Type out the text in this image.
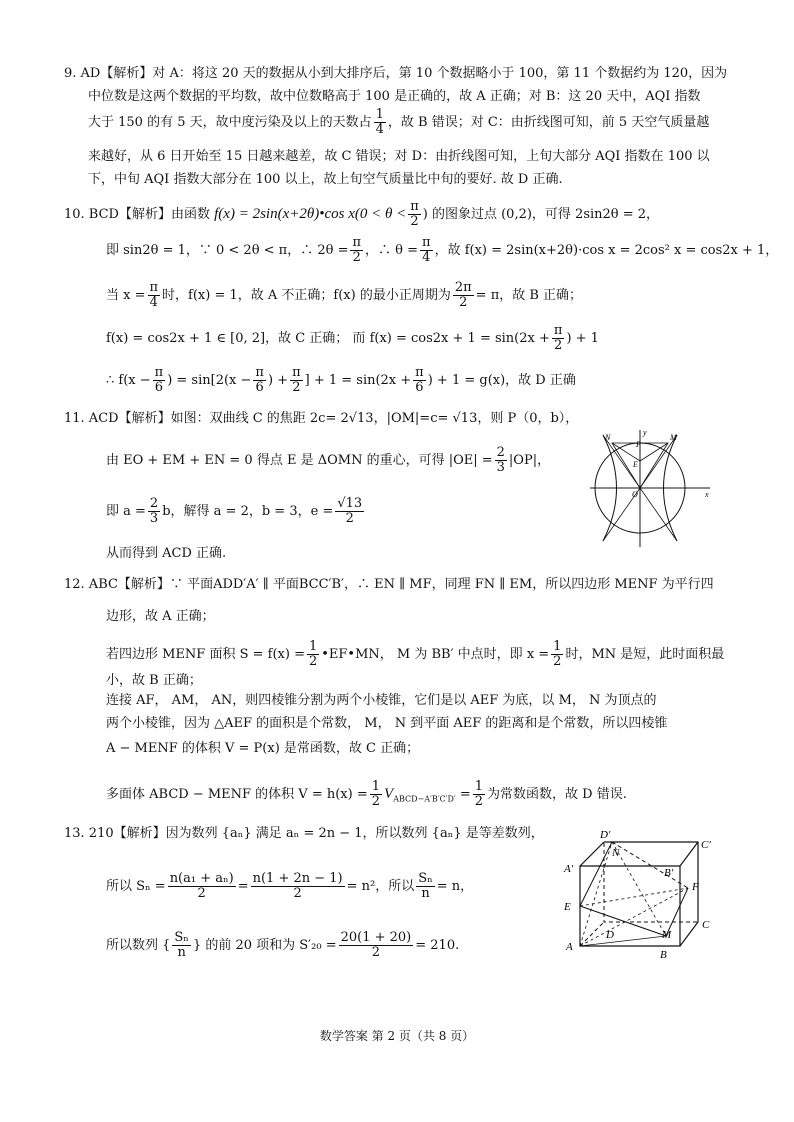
9. AD【解析】对 A：将这 20 天的数据从小到大排序后，第 10 个数据略小于 100，第 11 个数据约为 120，因为
中位数是这两个数据的平均数，故中位数略高于 100 是正确的，故 A 正确；对 B：这 20 天中，AQI 指数
大于 150 的有 5 天，故中度污染及以上的天数占 $\frac{1}{4}$ ，故 B 错误；对 C：由折线图可知，前 5 天空气质量越
来越好，从 6 日开始至 15 日越来越差，故 C 错误；对 D：由折线图可知，上旬大部分 AQI 指数在 100 以
下，中旬 AQI 指数大部分在 100 以上，故上旬空气质量比中旬的要好. 故 D 正确.
10. BCD【解析】由函数 f(x) = 2sin(x+2θ)•cos $x(0 < \theta < \frac{\pi}{2}$ ) 的图象过点 (0,2)，可得 2sin2θ = 2，
即 sin2θ = 1，∵ 0 < 2θ < π，∴ $2\theta = \frac{\pi}{2}$ ，∴ $\theta = \frac{\pi}{4}$ ，故 f(x) = 2sin(x+2θ)·cos x = 2cos² x = cos2x + 1，
当 $x = \frac{\pi}{4}$ 时，f(x) = 1，故 A 不正确；f(x) 的最小正周期为 $\frac{2\pi}{2} = \pi$，故 B 正确；
f(x) = cos2x + 1 ∈ [0, 2]，故 C 正确； 而 $f(x) = \cos 2x + 1 = \sin(2x + \frac{\pi}{2}$ ) + 1
∴ $f(x - \frac{\pi}{6}$ ) = $\sin[2(x - \frac{\pi}{6}$ ) + $\frac{\pi}{2}$ ] + $1 = \sin(2x + \frac{\pi}{6}$ ) + 1 = g(x)，故 D 正确
11. ACD【解析】如图：双曲线 C 的焦距 2c= 2√13，|OM|=c= √13，则 P（0，b），
由 EO + EM + EN = 0 得点 E 是 ΔOMN 的重心，可得 $|OE| = \frac{2}{3} |OP|$，
即 $a = \frac{2}{3}$ b，解得 a = 2，b = 3，$e = \frac{√13}{2}$
从而得到 ACD 正确.
N
P
M
E
O	x
y
12. ABC【解析】∵ 平面ADD′A′ ∥ 平面BCC′B′，∴ EN ∥ MF，同理 FN ∥ EM，所以四边形 MENF 为平行四
边形，故 A 正确；
若四边形 MENF 面积 $S = f(x) = \frac{1}{2}$ •EF•MN， M 为 BB′ 中点时，即 $x = \frac{1}{2}$ 时，MN 是短，此时面积最
小，故 B 正确；
连接 AF， AM， AN，则四棱锥分割为两个小棱锥，它们是以 AEF 为底，以 M， N 为顶点的
两个小棱锥，因为 △AEF 的面积是个常数， M， N 到平面 AEF 的距离和是个常数，所以四棱锥
A − MENF 的体积 V = P(x) 是常函数，故 C 正确；
多面体 ABCD − MENF 的体积 $V = h(x) = \frac{1}{2} V_{ABCD-A'B'C'D'} = \frac{1}{2}$ 为常数函数，故 D 错误.
13. 210【解析】因为数列 {aₙ} 满足 aₙ = 2n − 1，所以数列 {aₙ} 是等差数列，
所以 $S_n = \frac{\text{n(a₁ + aₙ)}}{2} = \frac{n(1 + 2n - 1)}{2} = n^2$，所以 $\frac{\text{Sₙ}}{n} = n$，
所以数列 { $\frac{\text{Sₙ}}{n}$ } 的前 20 项和为 $S'_{20} = \frac{20(1 + 20)}{2} = 210$.
D′
N
C′
A′	B′
F
E
C
D	M
A
B
数学答案 第 2 页（共 8 页）
